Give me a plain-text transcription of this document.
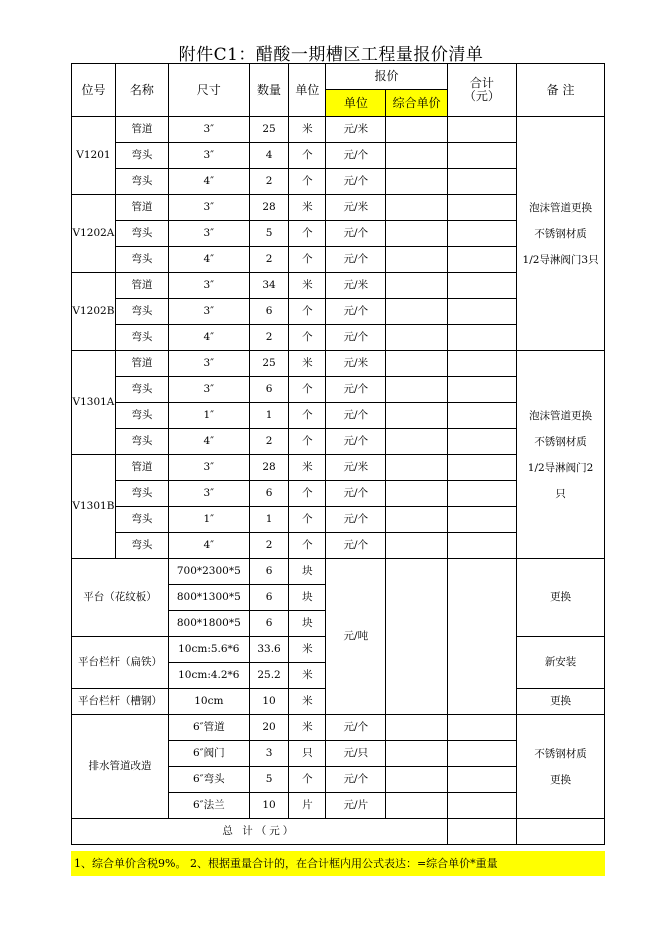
附件C1：醋酸一期槽区工程量报价清单
位号	名称	尺寸	数量	单位	报价		合计
（元）	备 注
					单位	综合单价		
V1201	管道	3″	25	米	元/米			泡沫管道更换
不锈钢材质
1/2导淋阀门3只

	弯头	3″	4	个	元/个			
	弯头	4″	2	个	元/个			
V1202A	管道	3″	28	米	元/米			
	弯头	3″	5	个	元/个			
	弯头	4″	2	个	元/个			
V1202B	管道	3″	34	米	元/米			
	弯头	3″	6	个	元/个			
	弯头	4″	2	个	元/个			
V1301A	管道	3″	25	米	元/米			泡沫管道更换
不锈钢材质
1/2导淋阀门2
只

	弯头	3″	6	个	元/个			
	弯头	1″	1	个	元/个			
	弯头	4″	2	个	元/个			
V1301B	管道	3″	28	米	元/米			
	弯头	3″	6	个	元/个			
	弯头	1″	1	个	元/个			
	弯头	4″	2	个	元/个			
平台（花纹板）		700*2300*5	6	块	元/吨			更换
		800*1300*5	6	块				
		800*1800*5	6	块				
平台栏杆（扁铁）		10cm:5.6*6	33.6	米				新安装
		10cm:4.2*6	25.2	米				
平台栏杆（槽钢）		10cm	10	米				更换
排水管道改造		6″管道	20	米	元/个			不锈钢材质
更换

		6″阀门	3	只	元/只			
		6″弯头	5	个	元/个			
		6″法兰	10	片	元/片			
总 计（元）								
1、综合单价含税9%。 2、根据重量合计的，在合计框内用公式表达：=综合单价*重量
